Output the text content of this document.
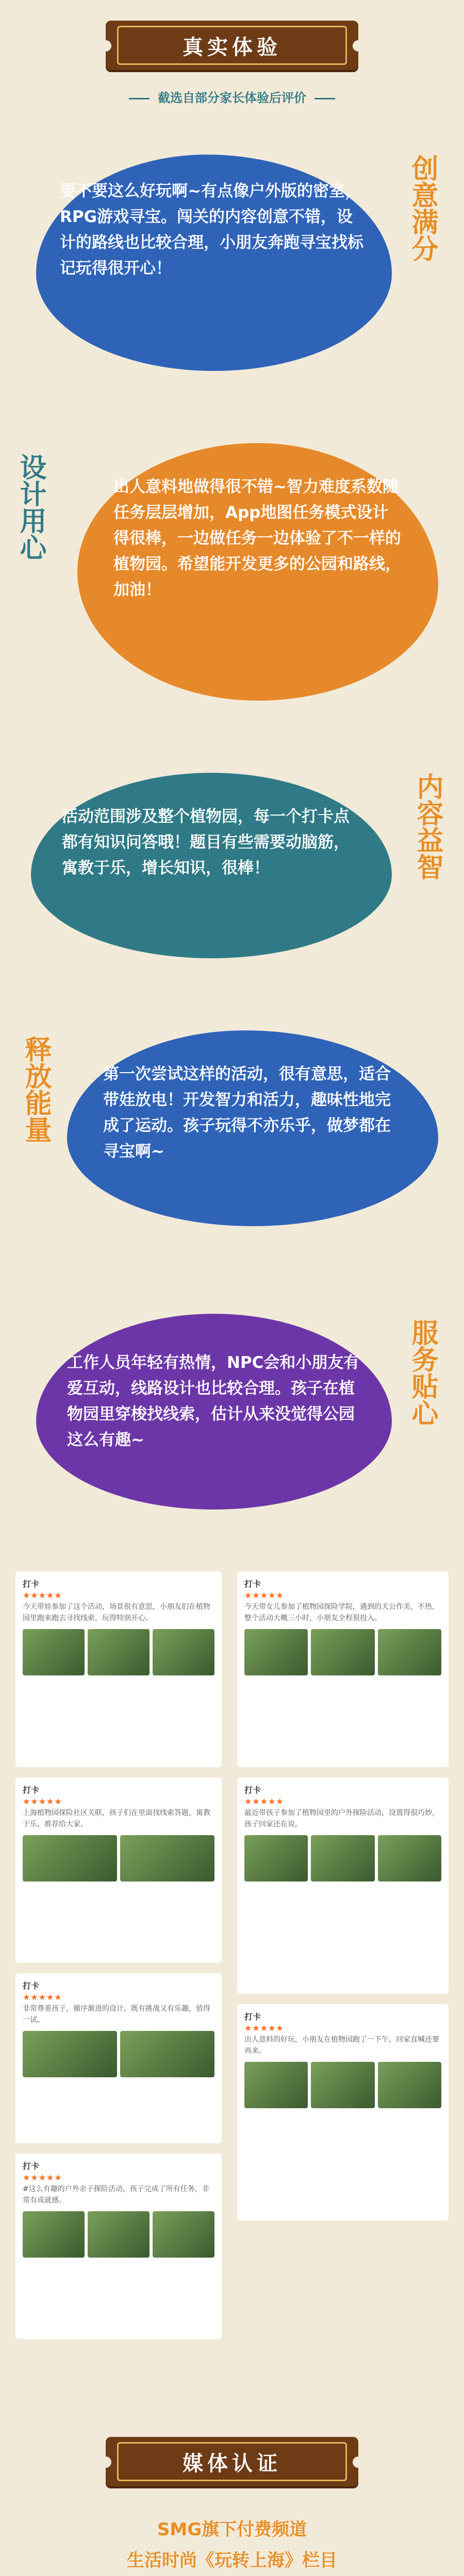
真实体验
截选自部分家长体验后评价
要不要这么好玩啊~有点像户外版的密室，RPG游戏寻宝。闯关的内容创意不错，设计的路线也比较合理，小朋友奔跑寻宝找标记玩得很开心！
创意满分
出人意料地做得很不错~智力难度系数随任务层层增加，App地图任务模式设计得很棒，一边做任务一边体验了不一样的植物园。希望能开发更多的公园和路线，加油！
设计用心
活动范围涉及整个植物园，每一个打卡点都有知识问答哦！题目有些需要动脑筋，寓教于乐，增长知识，很棒！	内容益智
第一次尝试这样的活动，很有意思，适合带娃放电！开发智力和活力，趣味性地完成了运动。孩子玩得不亦乐乎，做梦都在寻宝啊~
释放能量
工作人员年轻有热情，NPC会和小朋友有爱互动，线路设计也比较合理。孩子在植物园里穿梭找线索，估计从来没觉得公园这么有趣~
服务贴心
打卡
★★★★★
今天带娃参加了这个活动，场景很有意思，小朋友们在植物园里跑来跑去寻找线索，玩得特别开心。
打卡
★★★★★
今天带女儿参加了植物园探险学院，遇到的天公作美，不热，整个活动大概三小时，小朋友全程很投入。
打卡
★★★★★
上海植物园探险社区关联，孩子们在里面找线索答题，寓教于乐，推荐给大家。
打卡
★★★★★
最近带孩子参加了植物园里的户外探险活动，设置得很巧妙，孩子回家还在说。
打卡
★★★★★
非常尊重孩子，循序渐进的设计，既有挑战又有乐趣，值得一试。	打卡
★★★★★
出人意料的好玩，小朋友在植物园跑了一下午，回家直喊还要再来。
打卡
★★★★★
#这么有趣的户外亲子探险活动，孩子完成了所有任务，非常有成就感。
媒体认证
SMG旗下付费频道
生活时尚《玩转上海》栏目
